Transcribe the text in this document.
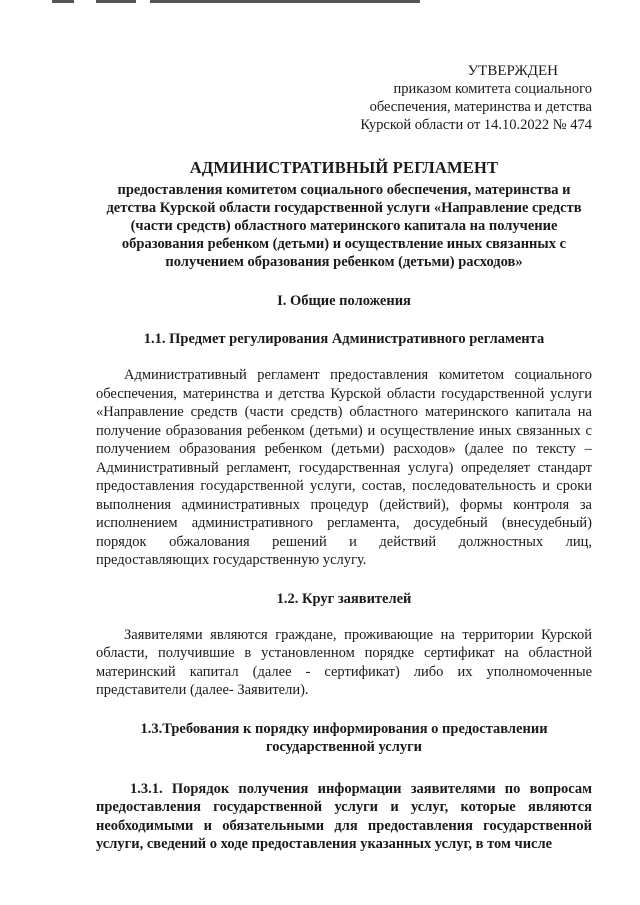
УТВЕРЖДЕН
приказом комитета социального
обеспечения, материнства и детства
Курской области от 14.10.2022 № 474
АДМИНИСТРАТИВНЫЙ РЕГЛАМЕНТ
предоставления комитетом социального обеспечения, материнства и детства Курской области государственной услуги «Направление средств (части средств) областного материнского капитала на получение образования ребенком (детьми) и осуществление иных связанных с получением образования ребенком (детьми) расходов»
I. Общие положения
1.1. Предмет регулирования Административного регламента

Административный регламент предоставления комитетом социального обеспечения, материнства и детства Курской области государственной услуги «Направление средств (части средств) областного материнского капитала на получение образования ребенком (детьми) и осуществление иных связанных с получением образования ребенком (детьми) расходов» (далее по тексту – Административный регламент, государственная услуга) определяет стандарт предоставления государственной услуги, состав, последовательность и сроки выполнения административных процедур (действий), формы контроля за исполнением административного регламента, досудебный (внесудебный) порядок обжалования решений и действий должностных лиц, предоставляющих государственную услугу.

1.2. Круг заявителей

Заявителями являются граждане, проживающие на территории Курской области, получившие в установленном порядке сертификат на областной материнский капитал (далее - сертификат) либо их уполномоченные представители (далее- Заявители).

1.3.Требования к порядку информирования о предоставлении
государственной услуги
1.3.1. Порядок получения информации заявителями по вопросам предоставления государственной услуги и услуг, которые являются необходимыми и обязательными для предоставления государственной услуги, сведений о ходе предоставления указанных услуг, в том числе
